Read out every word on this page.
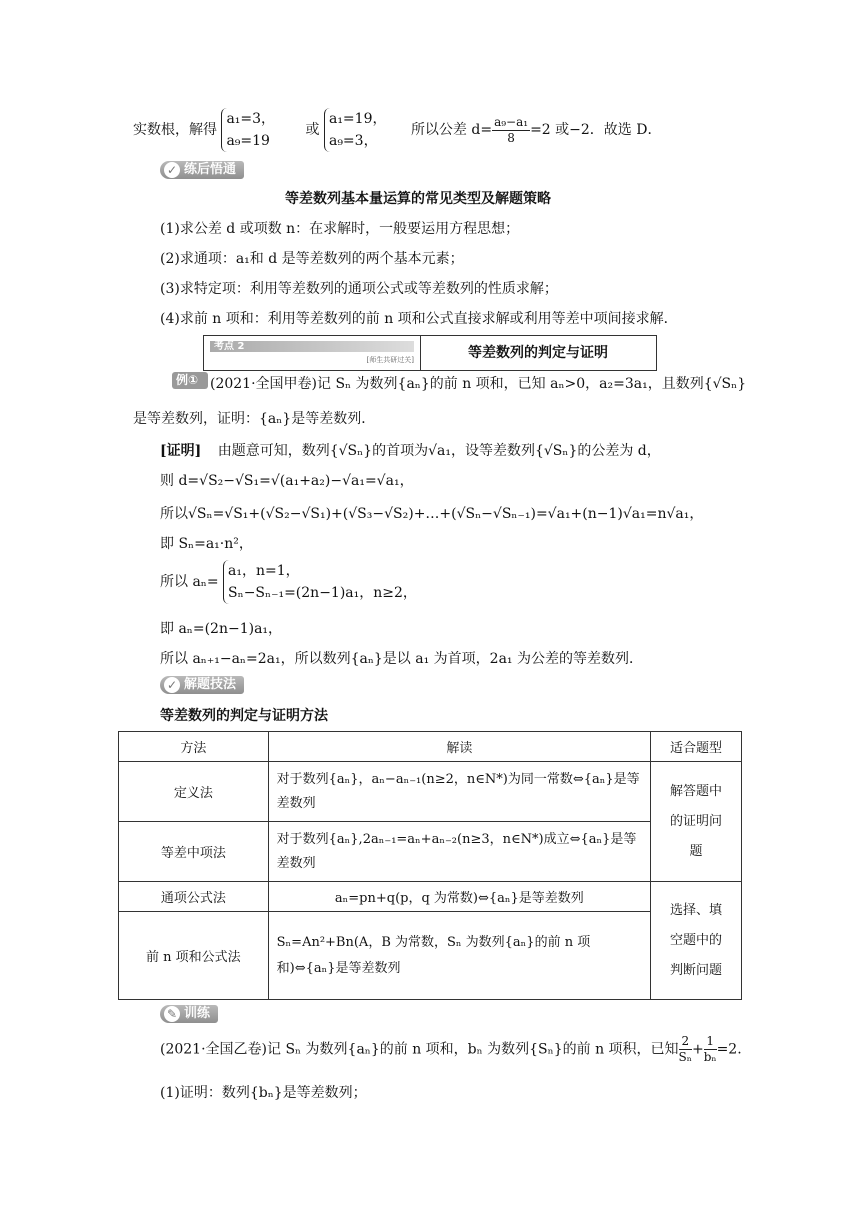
实数根，解得
a₁=3，
a₉=19
或
a₁=19，
a₉=3，
所以公差 $d= \frac{\text{a₉−a₁}}{8} =2$ 或−2．故选 D．
✓ 练后悟通
等差数列基本量运算的常见类型及解题策略
(1)求公差 d 或项数 n：在求解时，一般要运用方程思想；
(2)求通项：a₁和 d 是等差数列的两个基本元素；
(3)求特定项：利用等差数列的通项公式或等差数列的性质求解；
(4)求前 n 项和：利用等差数列的前 n 项和公式直接求解或利用等差中项间接求解．
考点 2
[师生共研过关]	等差数列的判定与证明
例① (2021·全国甲卷)记 Sₙ 为数列{aₙ}的前 n 项和，已知 aₙ>0，a₂=3a₁，且数列{√Sₙ}
是等差数列，证明：{aₙ}是等差数列．
[证明] 由题意可知，数列{√Sₙ}的首项为√a₁，设等差数列{√Sₙ}的公差为 d，
则 d=√S₂−√S₁=√(a₁+a₂)−√a₁=√a₁，
所以√Sₙ=√S₁+(√S₂−√S₁)+(√S₃−√S₂)+…+(√Sₙ−√Sₙ₋₁)=√a₁+(n−1)√a₁=n√a₁，
即 Sₙ=a₁·n²，
所以 aₙ=
a₁，n=1，
Sₙ−Sₙ₋₁=(2n−1)a₁，n≥2，
即 aₙ=(2n−1)a₁，
所以 aₙ₊₁−aₙ=2a₁，所以数列{aₙ}是以 a₁ 为首项，2a₁ 为公差的等差数列．
✓ 解题技法
等差数列的判定与证明方法
方法	解读	适合题型
定义法	对于数列{aₙ}，aₙ−aₙ₋₁(n≥2，n∈N*)为同一常数⇔{aₙ}是等差数列	解答题中的证明问题
等差中项法	对于数列{aₙ},2aₙ₋₁=aₙ+aₙ₋₂(n≥3，n∈N*)成立⇔{aₙ}是等差数列	
通项公式法	aₙ=pn+q(p，q 为常数)⇔{aₙ}是等差数列	选择、填空题中的判断问题
前 n 项和公式法	Sₙ=An²+Bn(A，B 为常数，Sₙ 为数列{aₙ}的前 n 项和)⇔{aₙ}是等差数列	
✎ 训练
(2021·全国乙卷)记 Sₙ 为数列{aₙ}的前 n 项和，bₙ 为数列{Sₙ}的前 n 项积，已知 $\frac{2}{\text{Sₙ}} + \frac{1}{\text{bₙ}} =2$.
(1)证明：数列{bₙ}是等差数列；
